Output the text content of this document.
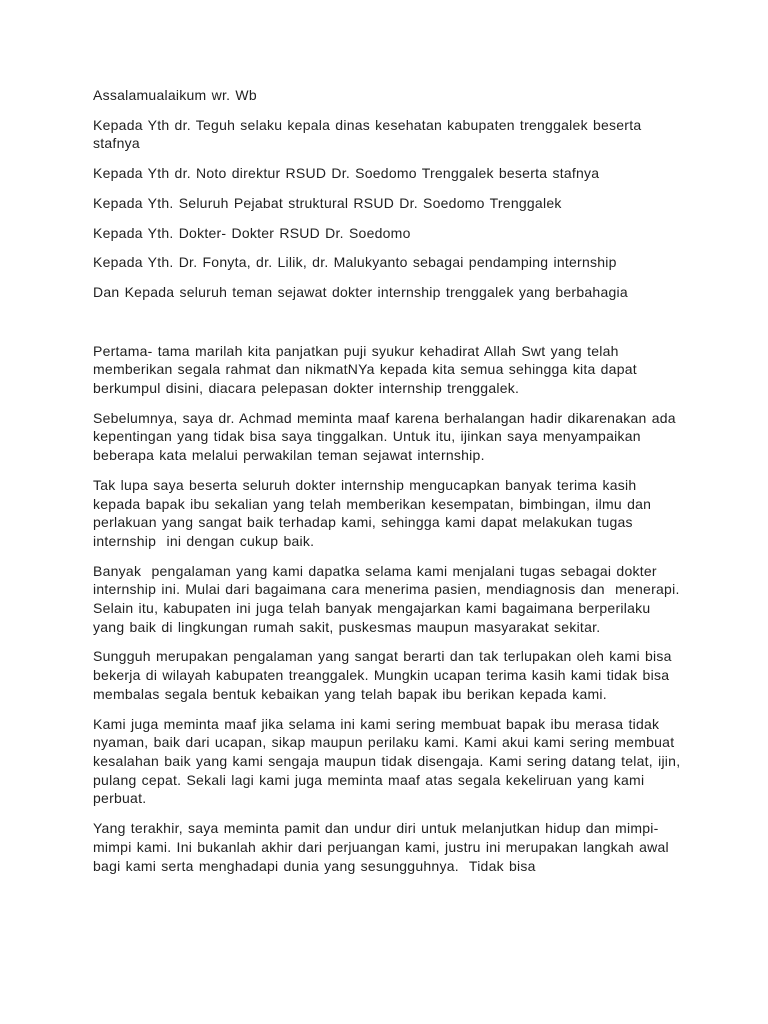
Assalamualaikum wr. Wb

Kepada Yth dr. Teguh selaku kepala dinas kesehatan kabupaten trenggalek beserta stafnya

Kepada Yth dr. Noto direktur RSUD Dr. Soedomo Trenggalek beserta stafnya

Kepada Yth. Seluruh Pejabat struktural RSUD Dr. Soedomo Trenggalek

Kepada Yth. Dokter- Dokter RSUD Dr. Soedomo

Kepada Yth. Dr. Fonyta, dr. Lilik, dr. Malukyanto sebagai pendamping internship

Dan Kepada seluruh teman sejawat dokter internship trenggalek yang berbahagia

Pertama- tama marilah kita panjatkan puji syukur kehadirat Allah Swt yang telah memberikan segala rahmat dan nikmatNYa kepada kita semua sehingga kita dapat berkumpul disini, diacara pelepasan dokter internship trenggalek.

Sebelumnya, saya dr. Achmad meminta maaf karena berhalangan hadir dikarenakan ada kepentingan yang tidak bisa saya tinggalkan. Untuk itu, ijinkan saya menyampaikan beberapa kata melalui perwakilan teman sejawat internship.

Tak lupa saya beserta seluruh dokter internship mengucapkan banyak terima kasih kepada bapak ibu sekalian yang telah memberikan kesempatan, bimbingan, ilmu dan perlakuan yang sangat baik terhadap kami, sehingga kami dapat melakukan tugas internship  ini dengan cukup baik.

Banyak  pengalaman yang kami dapatka selama kami menjalani tugas sebagai dokter internship ini. Mulai dari bagaimana cara menerima pasien, mendiagnosis dan  menerapi. Selain itu, kabupaten ini juga telah banyak mengajarkan kami bagaimana berperilaku yang baik di lingkungan rumah sakit, puskesmas maupun masyarakat sekitar.

Sungguh merupakan pengalaman yang sangat berarti dan tak terlupakan oleh kami bisa bekerja di wilayah kabupaten treanggalek. Mungkin ucapan terima kasih kami tidak bisa membalas segala bentuk kebaikan yang telah bapak ibu berikan kepada kami.

Kami juga meminta maaf jika selama ini kami sering membuat bapak ibu merasa tidak nyaman, baik dari ucapan, sikap maupun perilaku kami. Kami akui kami sering membuat kesalahan baik yang kami sengaja maupun tidak disengaja. Kami sering datang telat, ijin, pulang cepat. Sekali lagi kami juga meminta maaf atas segala kekeliruan yang kami perbuat.

Yang terakhir, saya meminta pamit dan undur diri untuk melanjutkan hidup dan mimpi-mimpi kami. Ini bukanlah akhir dari perjuangan kami, justru ini merupakan langkah awal bagi kami serta menghadapi dunia yang sesungguhnya.  Tidak bisa
